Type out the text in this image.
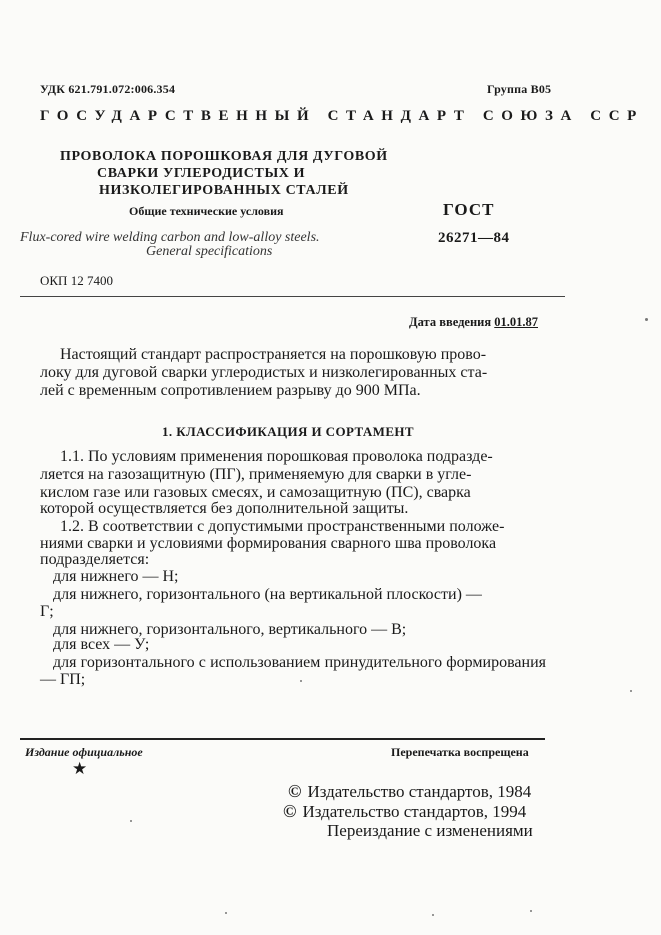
УДК 621.791.072:006.354	Группа В05
ГОСУДАРСТВЕННЫЙ СТАНДАРТ СОЮЗА ССР
ПРОВОЛОКА ПОРОШКОВАЯ ДЛЯ ДУГОВОЙ
СВАРКИ УГЛЕРОДИСТЫХ И
НИЗКОЛЕГИРОВАННЫХ СТАЛЕЙ
Общие технические условия	ГОСТ
Flux-cored wire welding carbon and low-alloy steels.
General specifications
26271—84
ОКП 12 7400
Дата введения 01.01.87
Настоящий стандарт распространяется на порошковую прово-
локу для дуговой сварки углеродистых и низколегированных ста-
лей с временным сопротивлением разрыву до 900 МПа.
1. КЛАССИФИКАЦИЯ И СОРТАМЕНТ
1.1. По условиям применения порошковая проволока подразде-
ляется на газозащитную (ПГ), применяемую для сварки в угле-
кислом газе или газовых смесях, и самозащитную (ПС), сварка
которой осуществляется без дополнительной защиты.
1.2. В соответствии с допустимыми пространственными положе-
ниями сварки и условиями формирования сварного шва проволока
подразделяется:
для нижнего — Н;
для нижнего, горизонтального (на вертикальной плоскости) —
Г;
для нижнего, горизонтального, вертикального — В;
для всех — У;
для горизонтального с использованием принудительного формирования — ГП;
Издание официальное	Перепечатка воспрещена
★
© Издательство стандартов, 1984
© Издательство стандартов, 1994
Переиздание с изменениями
